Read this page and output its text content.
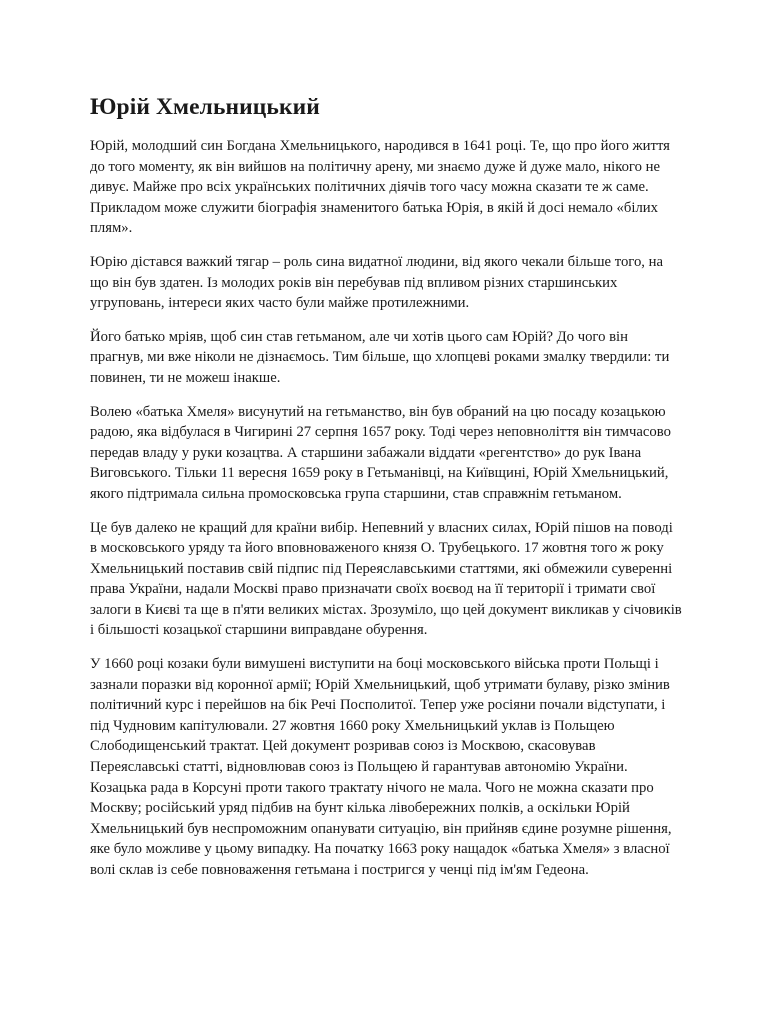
Юрій Хмельницький

Юрій, молодший син Богдана Хмельницького, народився в 1641 році. Те, що про його життя до того моменту, як він вийшов на політичну арену, ми знаємо дуже й дуже мало, нікого не дивує. Майже про всіх українських політичних діячів того часу можна сказати те ж саме. Прикладом може служити біографія знаменитого батька Юрія, в якій й досі немало «білих плям».

Юрію дістався важкий тягар – роль сина видатної людини, від якого чекали більше того, на що він був здатен. Із молодих років він перебував під впливом різних старшинських угруповань, інтереси яких часто були майже протилежними.

Його батько мріяв, щоб син став гетьманом, але чи хотів цього сам Юрій? До чого він прагнув, ми вже ніколи не дізнаємось. Тим більше, що хлопцеві роками змалку твердили: ти повинен, ти не можеш інакше.

Волею «батька Хмеля» висунутий на гетьманство, він був обраний на цю посаду козацькою радою, яка відбулася в Чигирині 27 серпня 1657 року. Тоді через неповноліття він тимчасово передав владу у руки козацтва. А старшини забажали віддати «регентство» до рук Івана Виговського. Тільки 11 вересня 1659 року в Гетьманівці, на Київщині, Юрій Хмельницький, якого підтримала сильна промосковська група старшини, став справжнім гетьманом.

Це був далеко не кращий для країни вибір. Непевний у власних силах, Юрій пішов на поводі в московського уряду та його вповноваженого князя О. Трубецького. 17 жовтня того ж року Хмельницький поставив свій підпис під Переяславськими статтями, які обмежили суверенні права України, надали Москві право призначати своїх воєвод на її території і тримати свої залоги в Києві та ще в п'яти великих містах. Зрозуміло, що цей документ викликав у січовиків і більшості козацької старшини виправдане обурення.

У 1660 році козаки були вимушені виступити на боці московського війська проти Польщі і зазнали поразки від коронної армії; Юрій Хмельницький, щоб утримати булаву, різко змінив політичний курс і перейшов на бік Речі Посполитої. Тепер уже росіяни почали відступати, і під Чудновим капітулювали. 27 жовтня 1660 року Хмельницький уклав із Польщею Слободищенський трактат. Цей документ розривав союз із Москвою, скасовував Переяславські статті, відновлював союз із Польщею й гарантував автономію України. Козацька рада в Корсуні проти такого трактату нічого не мала. Чого не можна сказати про Москву; російський уряд підбив на бунт кілька лівобережних полків, а оскільки Юрій Хмельницький був неспроможним опанувати ситуацію, він прийняв єдине розумне рішення, яке було можливе у цьому випадку. На початку 1663 року нащадок «батька Хмеля» з власної волі склав із себе повноваження гетьмана і постригся у ченці під ім'ям Гедеона.
